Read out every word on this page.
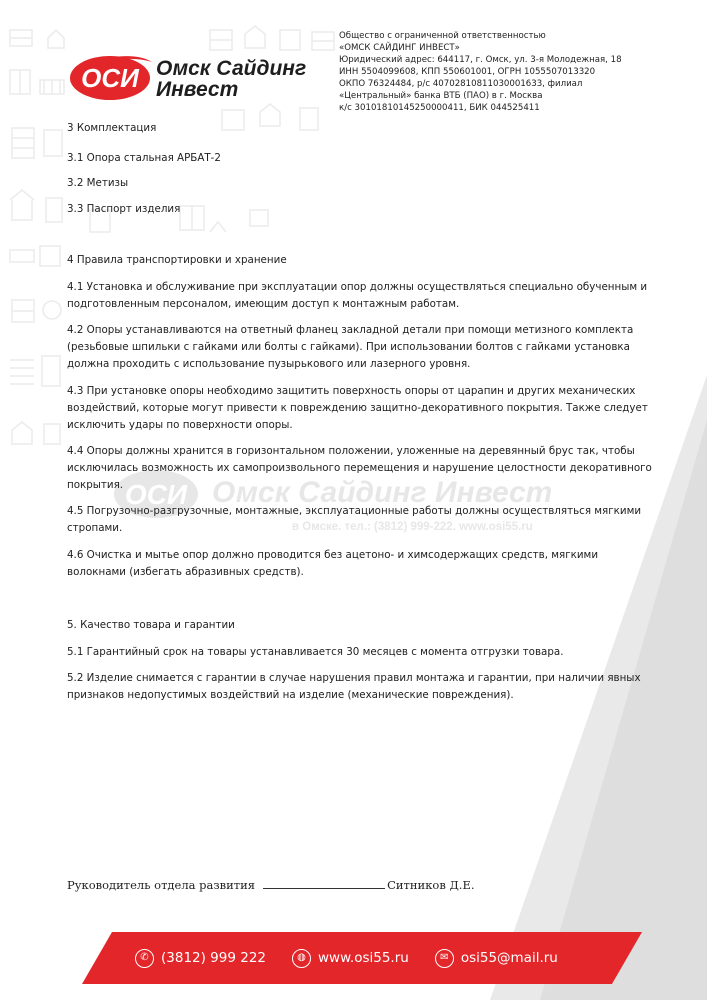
ОСИ Омск Сайдинг
Инвест
Общество с ограниченной ответственностью
«ОМСК САЙДИНГ ИНВЕСТ»
Юридический адрес: 644117, г. Омск, ул. 3-я Молодежная, 18
ИНН 5504099608, КПП 550601001, ОГРН 1055507013320
ОКПО 76324484, р/с 40702810811030001633, филиал
«Центральный» банка ВТБ (ПАО) в г. Москва
к/с 30101810145250000411, БИК 044525411
ОСИ Омск Сайдинг Инвест
в Омске. тел.: (3812) 999-222. www.osi55.ru

3 Комплектация

3.1 Опора стальная АРБАТ-2

3.2 Метизы

3.3 Паспорт изделия

4 Правила транспортировки и хранение

4.1 Установка и обслуживание при эксплуатации опор должны осуществляться специально обученным и

подготовленным персоналом, имеющим доступ к монтажным работам.

4.2 Опоры устанавливаются на ответный фланец закладной детали при помощи метизного комплекта

(резьбовые шпильки с гайками или болты с гайками). При использовании болтов с гайками установка

должна проходить с использование пузырькового или лазерного уровня.

4.3 При установке опоры необходимо защитить поверхность опоры от царапин и других механических

воздействий, которые могут привести к повреждению защитно-декоративного покрытия. Также следует

исключить удары по поверхности опоры.

4.4 Опоры должны хранится в горизонтальном положении, уложенные на деревянный брус так, чтобы

исключилась возможность их самопроизвольного перемещения и нарушение целостности декоративного

покрытия.

4.5 Погрузочно-разгрузочные, монтажные, эксплуатационные работы должны осуществляться мягкими

стропами.

4.6 Очистка и мытье опор должно проводится без ацетоно- и химсодержащих средств, мягкими

волокнами (избегать абразивных средств).

5. Качество товара и гарантии

5.1 Гарантийный срок на товары устанавливается 30 месяцев с момента отгрузки товара.

5.2 Изделие снимается с гарантии в случае нарушения правил монтажа и гарантии, при наличии явных

признаков недопустимых воздействий на изделие (механические повреждения).

Руководитель отдела развития	Ситников Д.Е.
✆ (3812) 999 222	◍ www.osi55.ru	✉ osi55@mail.ru
